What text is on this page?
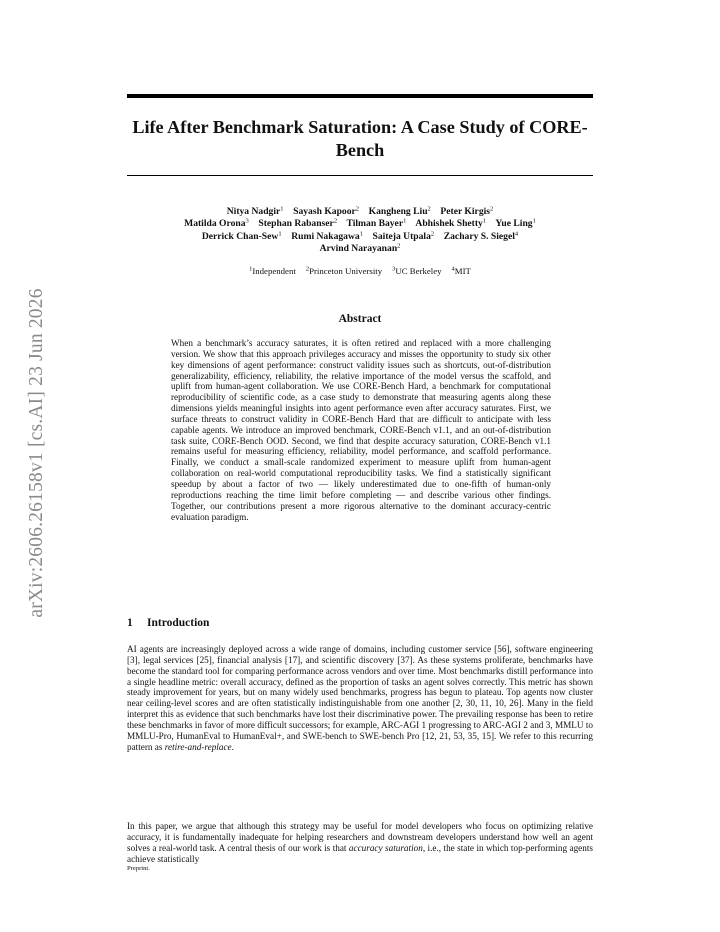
arXiv:2606.26158v1 [cs.AI] 23 Jun 2026
Life After Benchmark Saturation: A Case Study of CORE-Bench
Nitya Nadgir$^1$ Sayash Kapoor$^2$ Kangheng Liu$^2$ Peter Kirgis$^2$
Matilda Orona$^3$ Stephan Rabanser$^2$ Tilman Bayer$^1$ Abhishek Shetty$^1$ Yue Ling$^1$
Derrick Chan-Sew$^1$ Rumi Nakagawa$^1$ Saiteja Utpala$^2$ Zachary S. Siegel$^4$
Arvind Narayanan$^2$
$^1$Independent $^2$Princeton University $^3$UC Berkeley $^4$MIT
Abstract
When a benchmark’s accuracy saturates, it is often retired and replaced with a more challenging version. We show that this approach privileges accuracy and misses the opportunity to study six other key dimensions of agent performance: construct validity issues such as shortcuts, out-of-distribution generalizability, efficiency, reliability, the relative importance of the model versus the scaffold, and uplift from human-agent collaboration. We use CORE-Bench Hard, a benchmark for computational reproducibility of scientific code, as a case study to demonstrate that measuring agents along these dimensions yields meaningful insights into agent performance even after accuracy saturates. First, we surface threats to construct validity in CORE-Bench Hard that are difficult to anticipate with less capable agents. We introduce an improved benchmark, CORE-Bench v1.1, and an out-of-distribution task suite, CORE-Bench OOD. Second, we find that despite accuracy saturation, CORE-Bench v1.1 remains useful for measuring efficiency, reliability, model performance, and scaffold performance. Finally, we conduct a small-scale randomized experiment to measure uplift from human-agent collaboration on real-world computational reproducibility tasks. We find a statistically significant speedup by about a factor of two — likely underestimated due to one-fifth of human-only reproductions reaching the time limit before completing — and describe various other findings. Together, our contributions present a more rigorous alternative to the dominant accuracy-centric evaluation paradigm.
1 Introduction
AI agents are increasingly deployed across a wide range of domains, including customer service [56], software engineering [3], legal services [25], financial analysis [17], and scientific discovery [37]. As these systems proliferate, benchmarks have become the standard tool for comparing performance across vendors and over time. Most benchmarks distill performance into a single headline metric: overall accuracy, defined as the proportion of tasks an agent solves correctly. This metric has shown steady improvement for years, but on many widely used benchmarks, progress has begun to plateau. Top agents now cluster near ceiling-level scores and are often statistically indistinguishable from one another [2, 30, 11, 10, 26]. Many in the field interpret this as evidence that such benchmarks have lost their discriminative power. The prevailing response has been to retire these benchmarks in favor of more difficult successors; for example, ARC-AGI 1 progressing to ARC-AGI 2 and 3, MMLU to MMLU-Pro, HumanEval to HumanEval+, and SWE-bench to SWE-bench Pro [12, 21, 53, 35, 15]. We refer to this recurring pattern as retire-and-replace.
In this paper, we argue that although this strategy may be useful for model developers who focus on optimizing relative accuracy, it is fundamentally inadequate for helping researchers and downstream developers understand how well an agent solves a real-world task. A central thesis of our work is that accuracy saturation, i.e., the state in which top-performing agents achieve statistically
Preprint.
